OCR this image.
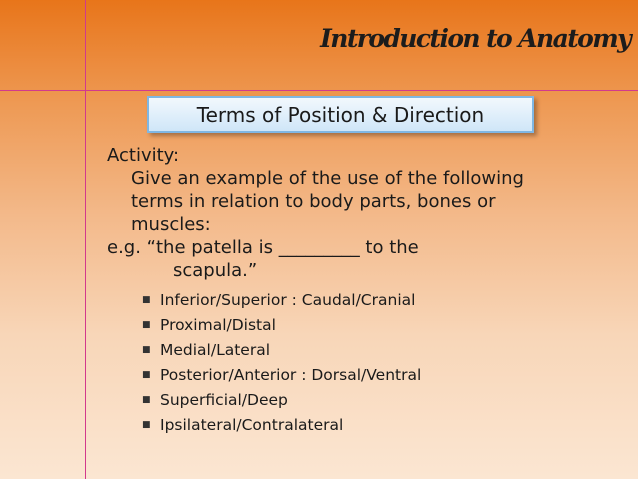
Introduction to Anatomy
Terms of Position & Direction
Activity:
Give an example of the use of the following
terms in relation to body parts, bones or
muscles:
e.g. “the patella is _________ to the
scapula.”
■ Inferior/Superior : Caudal/Cranial
■ Proximal/Distal
■ Medial/Lateral
■ Posterior/Anterior : Dorsal/Ventral
■ Superficial/Deep
■ Ipsilateral/Contralateral
